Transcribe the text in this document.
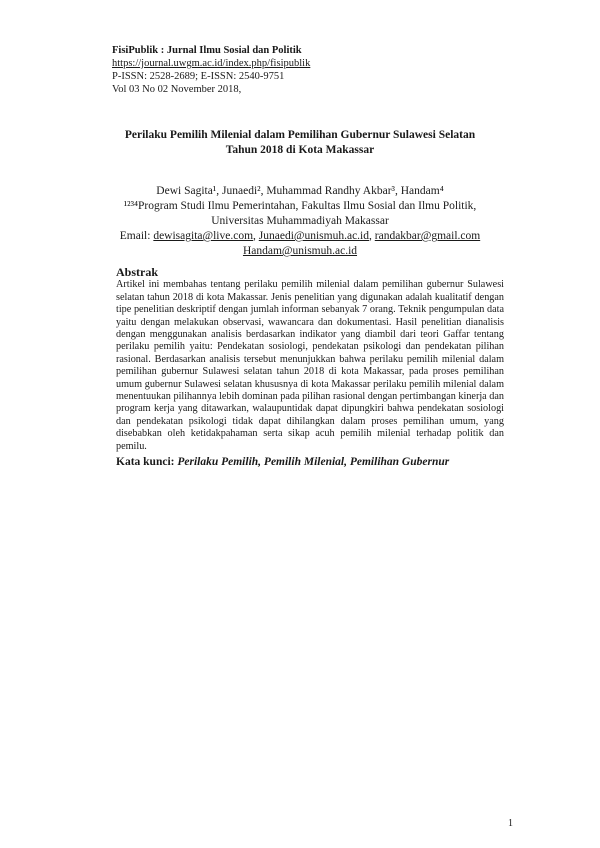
FisiPublik : Jurnal Ilmu Sosial dan Politik
https://journal.uwgm.ac.id/index.php/fisipublik
P-ISSN: 2528-2689; E-ISSN: 2540-9751
Vol 03 No 02 November 2018,
Perilaku Pemilih Milenial dalam Pemilihan Gubernur Sulawesi Selatan
Tahun 2018 di Kota Makassar
Dewi Sagita¹, Junaedi², Muhammad Randhy Akbar³, Handam⁴
¹²³⁴Program Studi Ilmu Pemerintahan, Fakultas Ilmu Sosial dan Ilmu Politik,
Universitas Muhammadiyah Makassar
Email: dewisagita@live.com, Junaedi@unismuh.ac.id, randakbar@gmail.com
Handam@unismuh.ac.id
Abstrak

Artikel ini membahas tentang perilaku pemilih milenial dalam pemilihan gubernur Sulawesi selatan tahun 2018 di kota Makassar. Jenis penelitian yang digunakan adalah kualitatif dengan tipe penelitian deskriptif dengan jumlah informan sebanyak 7 orang. Teknik pengumpulan data yaitu dengan melakukan observasi, wawancara dan dokumentasi. Hasil penelitian dianalisis dengan menggunakan analisis berdasarkan indikator yang diambil dari teori Gaffar tentang perilaku pemilih yaitu: Pendekatan sosiologi, pendekatan psikologi dan pendekatan pilihan rasional. Berdasarkan analisis tersebut menunjukkan bahwa perilaku pemilih milenial dalam pemilihan gubernur Sulawesi selatan tahun 2018 di kota Makassar, pada proses pemilihan umum gubernur Sulawesi selatan khususnya di kota Makassar perilaku pemilih milenial dalam menentuukan pilihannya lebih dominan pada pilihan rasional dengan pertimbangan kinerja dan program kerja yang ditawarkan, walaupuntidak dapat dipungkiri bahwa pendekatan sosiologi dan pendekatan psikologi tidak dapat dihilangkan dalam proses pemilihan umum, yang disebabkan oleh ketidakpahaman serta sikap acuh pemilih milenial terhadap politik dan pemilu.

Kata kunci: Perilaku Pemilih, Pemilih Milenial, Pemilihan Gubernur
1
